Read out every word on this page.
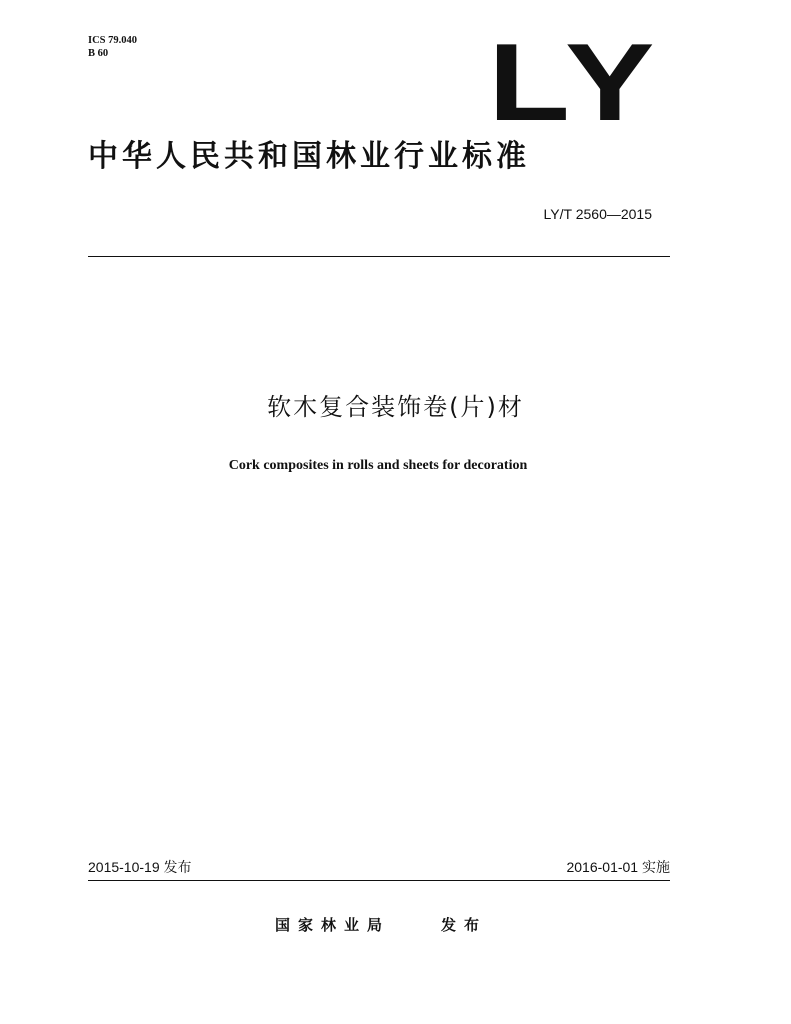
ICS 79.040
B 60	LY
中华人民共和国林业行业标准
LY/T 2560—2015
软木复合装饰卷(片)材
Cork composites in rolls and sheets for decoration
2015-10-19 发布	2016-01-01 实施
国家林业局	发布
